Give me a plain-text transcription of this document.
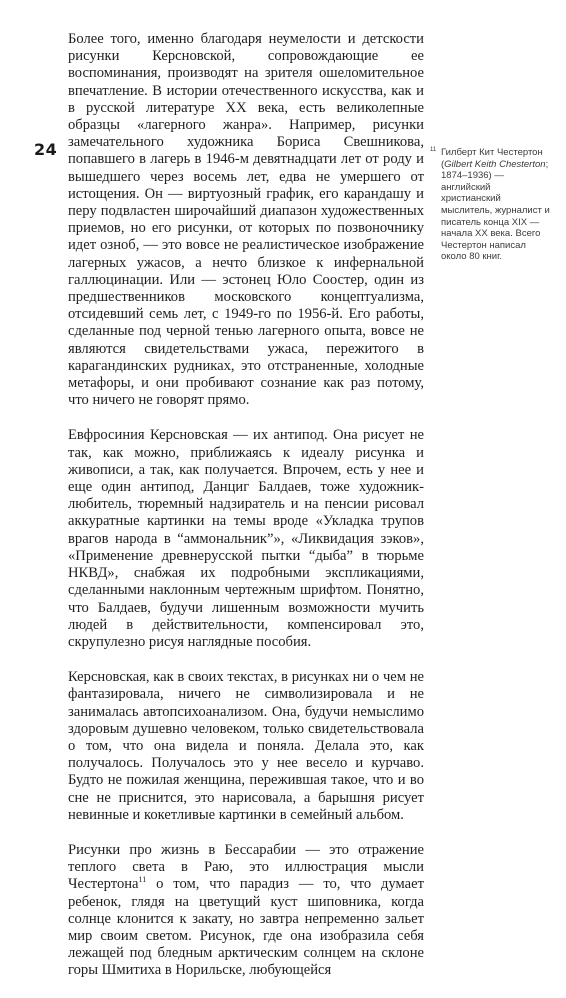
24

Более того, именно благодаря неумелости и детскости рисунки Керсновской, сопровождающие ее воспоминания, производят на зрителя ошеломительное впечатление. В истории отечественного искусства, как и в русской литературе XX века, есть великолепные образцы «лагерного жанра». Например, рисунки замечательного художника Бориса Свешникова, попавшего в лагерь в 1946-м девятнадцати лет от роду и вышедшего через восемь лет, едва не умершего от истощения. Он — виртуозный график, его карандашу и перу подвластен широчайший диапазон художественных приемов, но его рисунки, от которых по позвоночнику идет озноб, — это вовсе не реалистическое изображение лагерных ужасов, а нечто близкое к инфернальной галлюцинации. Или — эстонец Юло Соостер, один из предшественников московского концептуализма, отсидевший семь лет, с 1949-го по 1956-й. Его работы, сделанные под черной тенью лагерного опыта, вовсе не являются свидетельствами ужаса, пережитого в карагандинских рудниках, это отстраненные, холодные метафоры, и они пробивают сознание как раз потому, что ничего не говорят прямо.

Евфросиния Керсновская — их антипод. Она рисует не так, как можно, приближаясь к идеалу рисунка и живописи, а так, как получается. Впрочем, есть у нее и еще один антипод, Данциг Балдаев, тоже художник-любитель, тюремный надзиратель и на пенсии рисовал аккуратные картинки на темы вроде «Укладка трупов врагов народа в “аммональник”», «Ликвидация зэков», «Применение древнерусской пытки “дыба” в тюрьме НКВД», снабжая их подробными экспликациями, сделанными наклонным чертежным шрифтом. Понятно, что Балдаев, будучи лишенным возможности мучить людей в действительности, компенсировал это, скрупулезно рисуя наглядные пособия.

Керсновская, как в своих текстах, в рисунках ни о чем не фантазировала, ничего не символизировала и не занималась автопсихоанализом. Она, будучи немыслимо здоровым душевно человеком, только свидетельствовала о том, что она видела и поняла. Делала это, как получалось. Получалось это у нее весело и курчаво. Будто не пожилая женщина, пережившая такое, что и во сне не приснится, это нарисовала, а барышня рисует невинные и кокетливые картинки в семейный альбом.

Рисунки про жизнь в Бессарабии — это отражение теплого света в Раю, это иллюстрация мысли Честертона$^{11}$ о том, что парадиз — то, что думает ребенок, глядя на цветущий куст шиповника, когда солнце клонится к закату, но завтра непременно зальет мир своим светом. Рисунок, где она изобразила себя лежащей под бледным арктическим солнцем на склоне горы Шмитиха в Норильске, любующейся

11 Гилберт Кит Честертон (Gilbert Keith Chesterton; 1874–1936) — английский христианский мыслитель, журналист и писатель конца XIX — начала XX века. Всего Честертон написал около 80 книг.
